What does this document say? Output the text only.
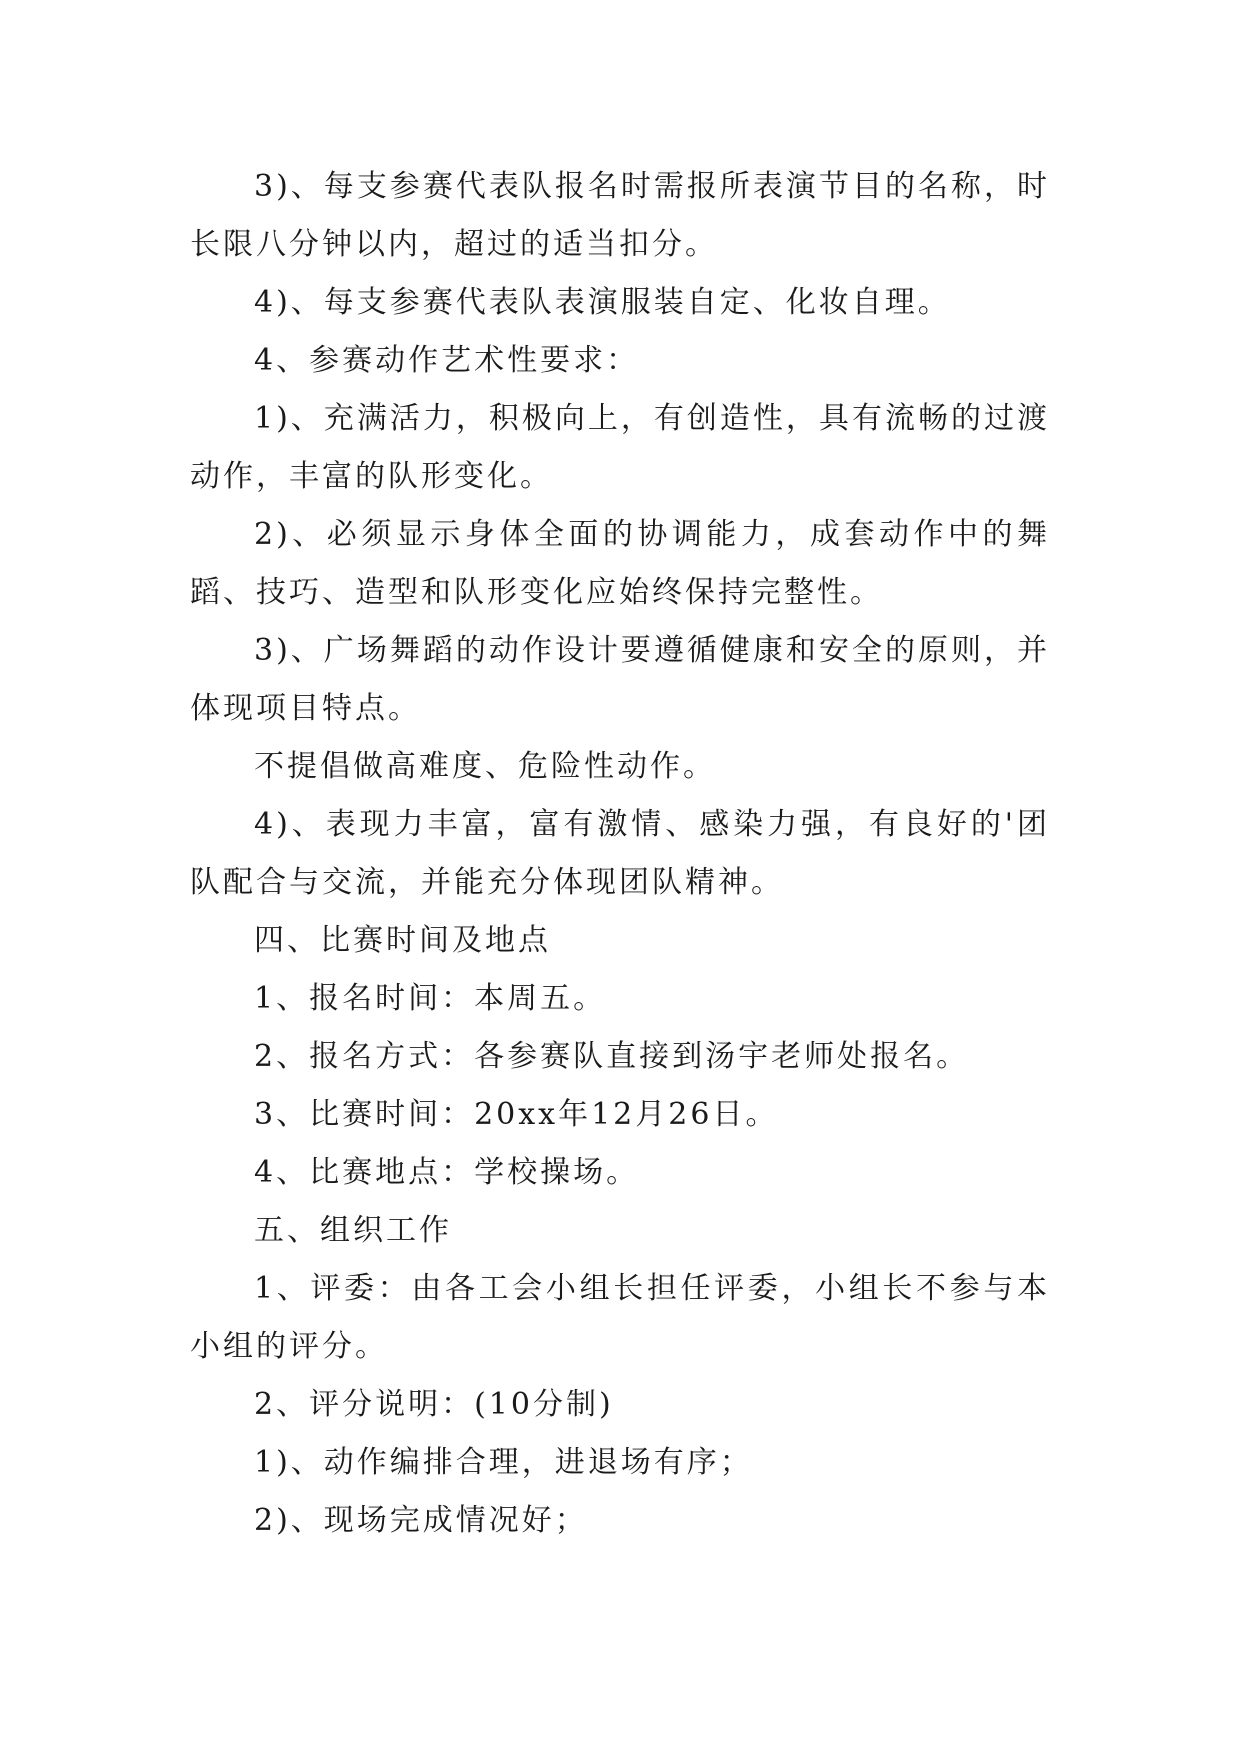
3)、每支参赛代表队报名时需报所表演节目的名称，时长限八分钟以内，超过的适当扣分。

4)、每支参赛代表队表演服装自定、化妆自理。

4、参赛动作艺术性要求：

1)、充满活力，积极向上，有创造性，具有流畅的过渡动作，丰富的队形变化。

2)、必须显示身体全面的协调能力，成套动作中的舞蹈、技巧、造型和队形变化应始终保持完整性。

3)、广场舞蹈的动作设计要遵循健康和安全的原则，并体现项目特点。

不提倡做高难度、危险性动作。

4)、表现力丰富，富有激情、感染力强，有良好的'团队配合与交流，并能充分体现团队精神。

四、比赛时间及地点

1、报名时间：本周五。

2、报名方式：各参赛队直接到汤宇老师处报名。

3、比赛时间：20xx年12月26日。

4、比赛地点：学校操场。

五、组织工作

1、评委：由各工会小组长担任评委，小组长不参与本小组的评分。

2、评分说明：(10分制)

1)、动作编排合理，进退场有序；

2)、现场完成情况好；
